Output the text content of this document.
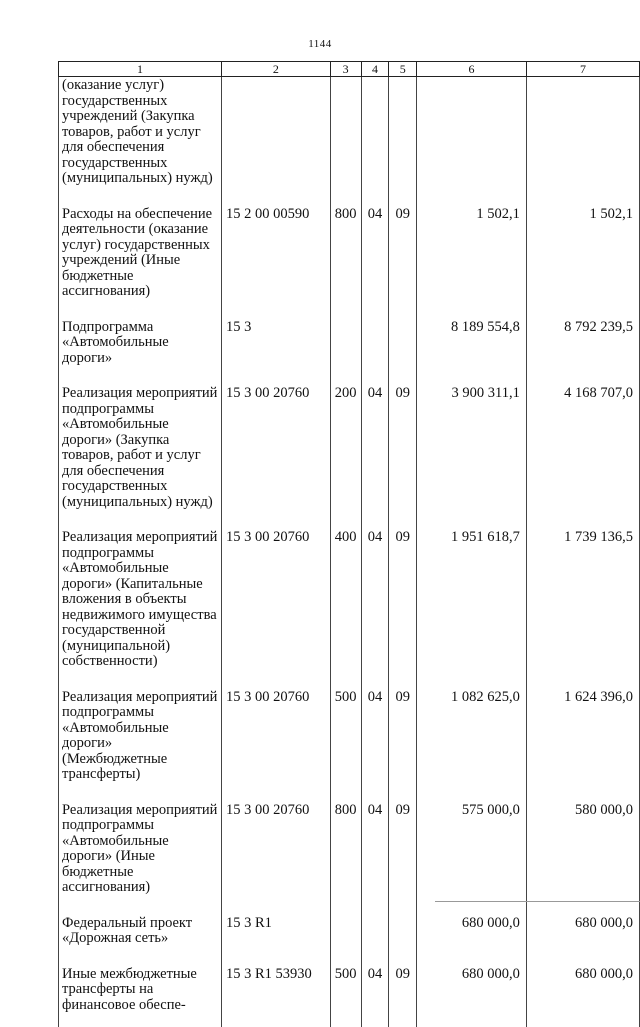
1144
1	2	3	4	5	6	7
(оказание услуг) государственных учреждений (Закупка товаров, работ и услуг для обеспечения государственных (муниципальных) нужд)						
Расходы на обеспечение деятельности (оказание услуг) государственных учреждений (Иные бюджетные ассигнования)	15 2 00 00590	800	04	09	1 502,1	1 502,1
Подпрограмма «Автомобильные дороги»	15 3				8 189 554,8	8 792 239,5
Реализация мероприятий подпрограммы «Автомобильные дороги» (Закупка товаров, работ и услуг для обеспечения государственных (муниципальных) нужд)	15 3 00 20760	200	04	09	3 900 311,1	4 168 707,0
Реализация мероприятий подпрограммы «Автомобильные дороги» (Капитальные вложения в объекты недвижимого имущества государственной (муниципальной) собственности)	15 3 00 20760	400	04	09	1 951 618,7	1 739 136,5
Реализация мероприятий подпрограммы «Автомобильные дороги» (Межбюджетные трансферты)	15 3 00 20760	500	04	09	1 082 625,0	1 624 396,0
Реализация мероприятий подпрограммы «Автомобильные дороги» (Иные бюджетные ассигнования)	15 3 00 20760	800	04	09	575 000,0	580 000,0
Федеральный проект «Дорожная сеть»	15 3 R1				680 000,0	680 000,0
Иные межбюджетные трансферты на финансовое обеспе-	15 3 R1 53930	500	04	09	680 000,0	680 000,0
